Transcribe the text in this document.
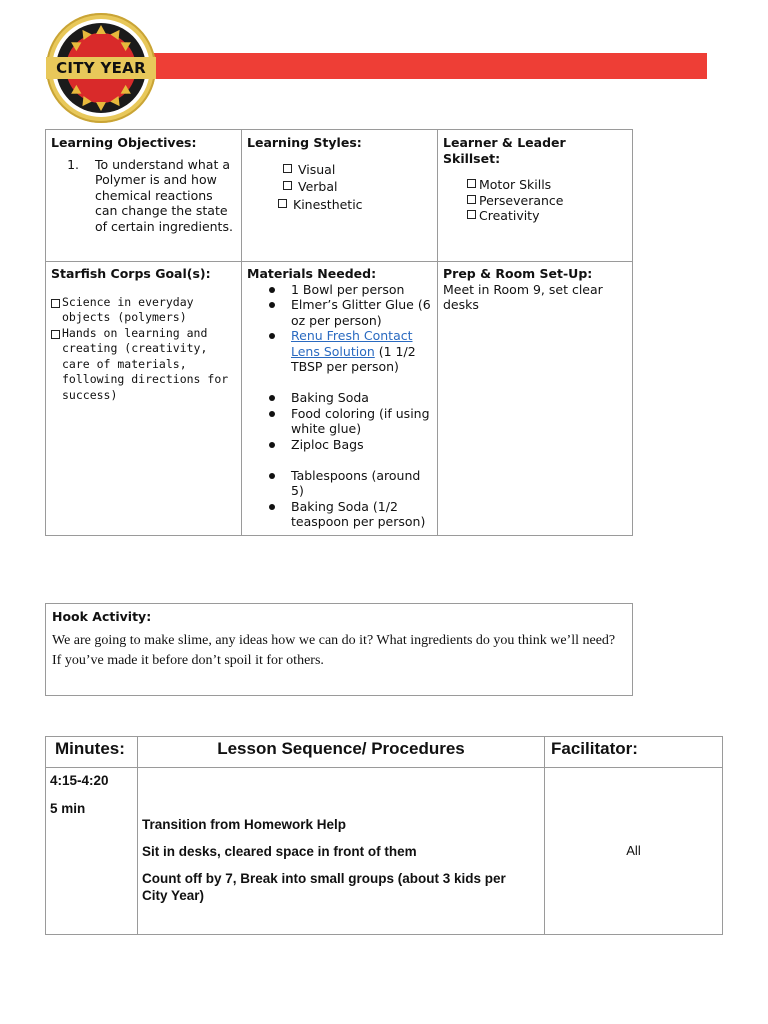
CITY YEAR
Learning Objectives:
1. To understand what a Polymer is and how chemical reactions can change the state of certain ingredients.
Learning Styles:
Visual
Verbal
Kinesthetic
Learner & Leader Skillset:
Motor Skills
Perseverance
Creativity
Starfish Corps Goal(s):
Science in everyday objects (polymers)
Hands on learning and creating (creativity, care of materials, following directions for success)
Materials Needed:
1 Bowl per person
Elmer’s Glitter Glue (6 oz per person)
Renu Fresh Contact Lens Solution (1 1/2 TBSP per person)
Baking Soda
Food coloring (if using white glue)
Ziploc Bags
Tablespoons (around 5)
Baking Soda (1/2 teaspoon per person)
Prep & Room Set-Up:
Meet in Room 9, set clear desks
Hook Activity:
We are going to make slime, any ideas how we can do it? What ingredients do you think we’ll need? If you’ve made it before don’t spoil it for others.
Minutes:	Lesson Sequence/ Procedures	Facilitator:
4:15-4:20
5 min
Transition from Homework Help
Sit in desks, cleared space in front of them
Count off by 7, Break into small groups (about 3 kids per City Year)
All
